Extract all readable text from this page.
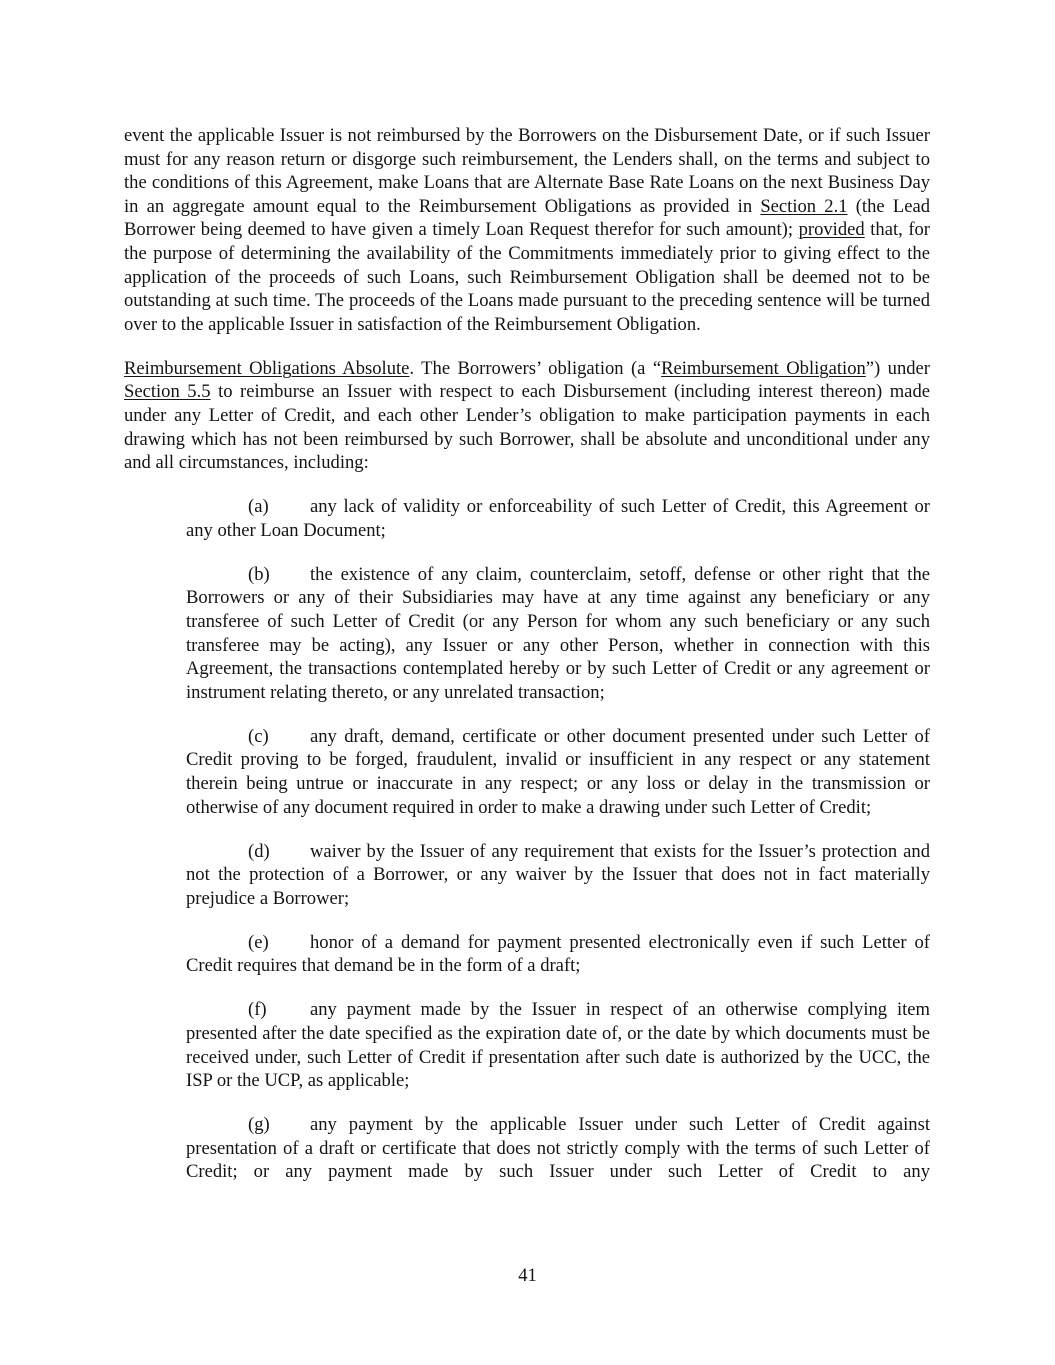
event the applicable Issuer is not reimbursed by the Borrowers on the Disbursement Date, or if such Issuer must for any reason return or disgorge such reimbursement, the Lenders shall, on the terms and subject to the conditions of this Agreement, make Loans that are Alternate Base Rate Loans on the next Business Day in an aggregate amount equal to the Reimbursement Obligations as provided in Section 2.1 (the Lead Borrower being deemed to have given a timely Loan Request therefor for such amount); provided that, for the purpose of determining the availability of the Commitments immediately prior to giving effect to the application of the proceeds of such Loans, such Reimbursement Obligation shall be deemed not to be outstanding at such time. The proceeds of the Loans made pursuant to the preceding sentence will be turned over to the applicable Issuer in satisfaction of the Reimbursement Obligation.

Reimbursement Obligations Absolute. The Borrowers’ obligation (a “Reimbursement Obligation”) under Section 5.5 to reimburse an Issuer with respect to each Disbursement (including interest thereon) made under any Letter of Credit, and each other Lender’s obligation to make participation payments in each drawing which has not been reimbursed by such Borrower, shall be absolute and unconditional under any and all circumstances, including:

(a) any lack of validity or enforceability of such Letter of Credit, this Agreement or any other Loan Document;

(b) the existence of any claim, counterclaim, setoff, defense or other right that the Borrowers or any of their Subsidiaries may have at any time against any beneficiary or any transferee of such Letter of Credit (or any Person for whom any such beneficiary or any such transferee may be acting), any Issuer or any other Person, whether in connection with this Agreement, the transactions contemplated hereby or by such Letter of Credit or any agreement or instrument relating thereto, or any unrelated transaction;

(c) any draft, demand, certificate or other document presented under such Letter of Credit proving to be forged, fraudulent, invalid or insufficient in any respect or any statement therein being untrue or inaccurate in any respect; or any loss or delay in the transmission or otherwise of any document required in order to make a drawing under such Letter of Credit;

(d) waiver by the Issuer of any requirement that exists for the Issuer’s protection and not the protection of a Borrower, or any waiver by the Issuer that does not in fact materially prejudice a Borrower;

(e) honor of a demand for payment presented electronically even if such Letter of Credit requires that demand be in the form of a draft;

(f) any payment made by the Issuer in respect of an otherwise complying item presented after the date specified as the expiration date of, or the date by which documents must be received under, such Letter of Credit if presentation after such date is authorized by the UCC, the ISP or the UCP, as applicable;

(g) any payment by the applicable Issuer under such Letter of Credit against presentation of a draft or certificate that does not strictly comply with the terms of such Letter of Credit; or any payment made by such Issuer under such Letter of Credit to any

41
